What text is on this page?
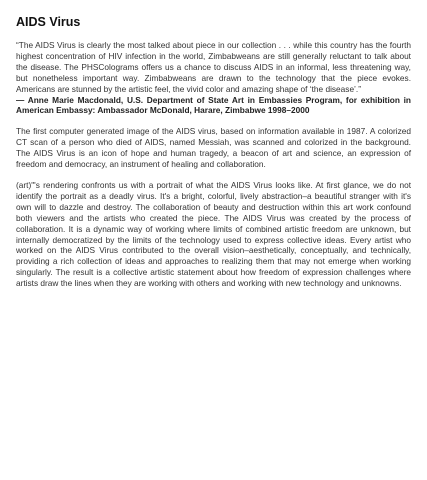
AIDS Virus

“The AIDS Virus is clearly the most talked about piece in our collection . . . while this country has the fourth highest concentration of HIV infection in the world, Zimbabweans are still generally reluctant to talk about the disease. The PHSColograms offers us a chance to discuss AIDS in an informal, less threatening way, but nonetheless important way. Zimbabweans are drawn to the technology that the piece evokes. Americans are stunned by the artistic feel, the vivid color and amazing shape of ‘the disease’.”
— Anne Marie Macdonald, U.S. Department of State Art in Embassies Program, for exhibition in American Embassy: Ambassador McDonald, Harare, Zimbabwe 1998–2000

The first computer generated image of the AIDS virus, based on information available in 1987. A colorized CT scan of a person who died of AIDS, named Messiah, was scanned and colorized in the background. The AIDS Virus is an icon of hope and human tragedy, a beacon of art and science, an expression of freedom and democracy, an instrument of healing and collaboration.

(art)"'s rendering confronts us with a portrait of what the AIDS Virus looks like. At first glance, we do not identify the portrait as a deadly virus. It's a bright, colorful, lively abstraction–a beautiful stranger with it's own will to dazzle and destroy. The collaboration of beauty and destruction within this art work confound both viewers and the artists who created the piece. The AIDS Virus was created by the process of collaboration. It is a dynamic way of working where limits of combined artistic freedom are unknown, but internally democratized by the limits of the technology used to express collective ideas. Every artist who worked on the AIDS Virus contributed to the overall vision–aesthetically, conceptually, and technically, providing a rich collection of ideas and approaches to realizing them that may not emerge when working singularly. The result is a collective artistic statement about how freedom of expression challenges where artists draw the lines when they are working with others and working with new technology and unknowns.
